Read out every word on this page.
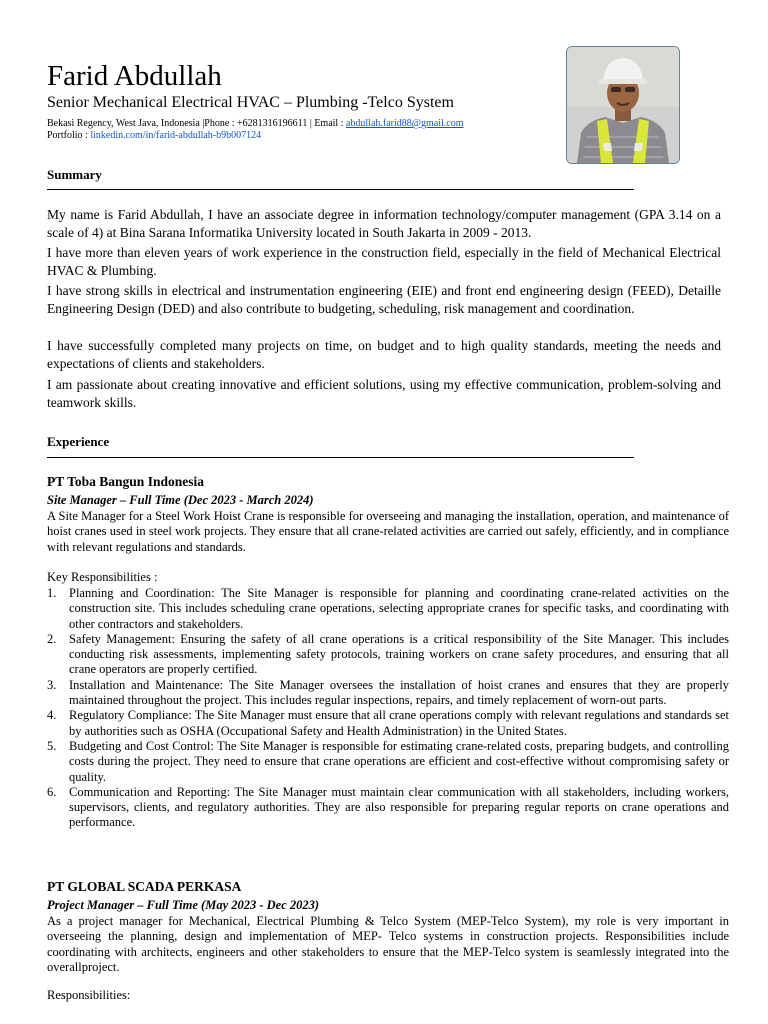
Farid Abdullah
Senior Mechanical Electrical HVAC – Plumbing -Telco System
Bekasi Regency, West Java, Indonesia |Phone : +6281316196611 | Email : abdullah.farid88@gmail.com
Portfolio : linkedin.com/in/farid-abdullah-b9b007124
Summary

My name is Farid Abdullah, I have an associate degree in information technology/computer management (GPA 3.14 on a scale of 4) at Bina Sarana Informatika University located in South Jakarta in 2009 - 2013.

I have more than eleven years of work experience in the construction field, especially in the field of Mechanical Electrical HVAC & Plumbing.

I have strong skills in electrical and instrumentation engineering (EIE) and front end engineering design (FEED), Detaille Engineering Design (DED) and also contribute to budgeting, scheduling, risk management and coordination.

I have successfully completed many projects on time, on budget and to high quality standards, meeting the needs and expectations of clients and stakeholders.

I am passionate about creating innovative and efficient solutions, using my effective communication, problem-solving and teamwork skills.

Experience
PT Toba Bangun Indonesia
Site Manager – Full Time (Dec 2023 - March 2024)

A Site Manager for a Steel Work Hoist Crane is responsible for overseeing and managing the installation, operation, and maintenance of hoist cranes used in steel work projects. They ensure that all crane-related activities are carried out safely, efficiently, and in compliance with relevant regulations and standards.

Key Responsibilities :

1. Planning and Coordination: The Site Manager is responsible for planning and coordinating crane-related activities on the construction site. This includes scheduling crane operations, selecting appropriate cranes for specific tasks, and coordinating with other contractors and stakeholders.
2. Safety Management: Ensuring the safety of all crane operations is a critical responsibility of the Site Manager. This includes conducting risk assessments, implementing safety protocols, training workers on crane safety procedures, and ensuring that all crane operators are properly certified.
3. Installation and Maintenance: The Site Manager oversees the installation of hoist cranes and ensures that they are properly maintained throughout the project. This includes regular inspections, repairs, and timely replacement of worn-out parts.
4. Regulatory Compliance: The Site Manager must ensure that all crane operations comply with relevant regulations and standards set by authorities such as OSHA (Occupational Safety and Health Administration) in the United States.
5. Budgeting and Cost Control: The Site Manager is responsible for estimating crane-related costs, preparing budgets, and controlling costs during the project. They need to ensure that crane operations are efficient and cost-effective without compromising safety or quality.
6. Communication and Reporting: The Site Manager must maintain clear communication with all stakeholders, including workers, supervisors, clients, and regulatory authorities. They are also responsible for preparing regular reports on crane operations and performance.
PT GLOBAL SCADA PERKASA
Project Manager – Full Time (May 2023 - Dec 2023)

As a project manager for Mechanical, Electrical Plumbing & Telco System (MEP-Telco System), my role is very important in overseeing the planning, design and implementation of MEP- Telco systems in construction projects. Responsibilities include coordinating with architects, engineers and other stakeholders to ensure that the MEP-Telco system is seamlessly integrated into the overallproject.

Responsibilities:
